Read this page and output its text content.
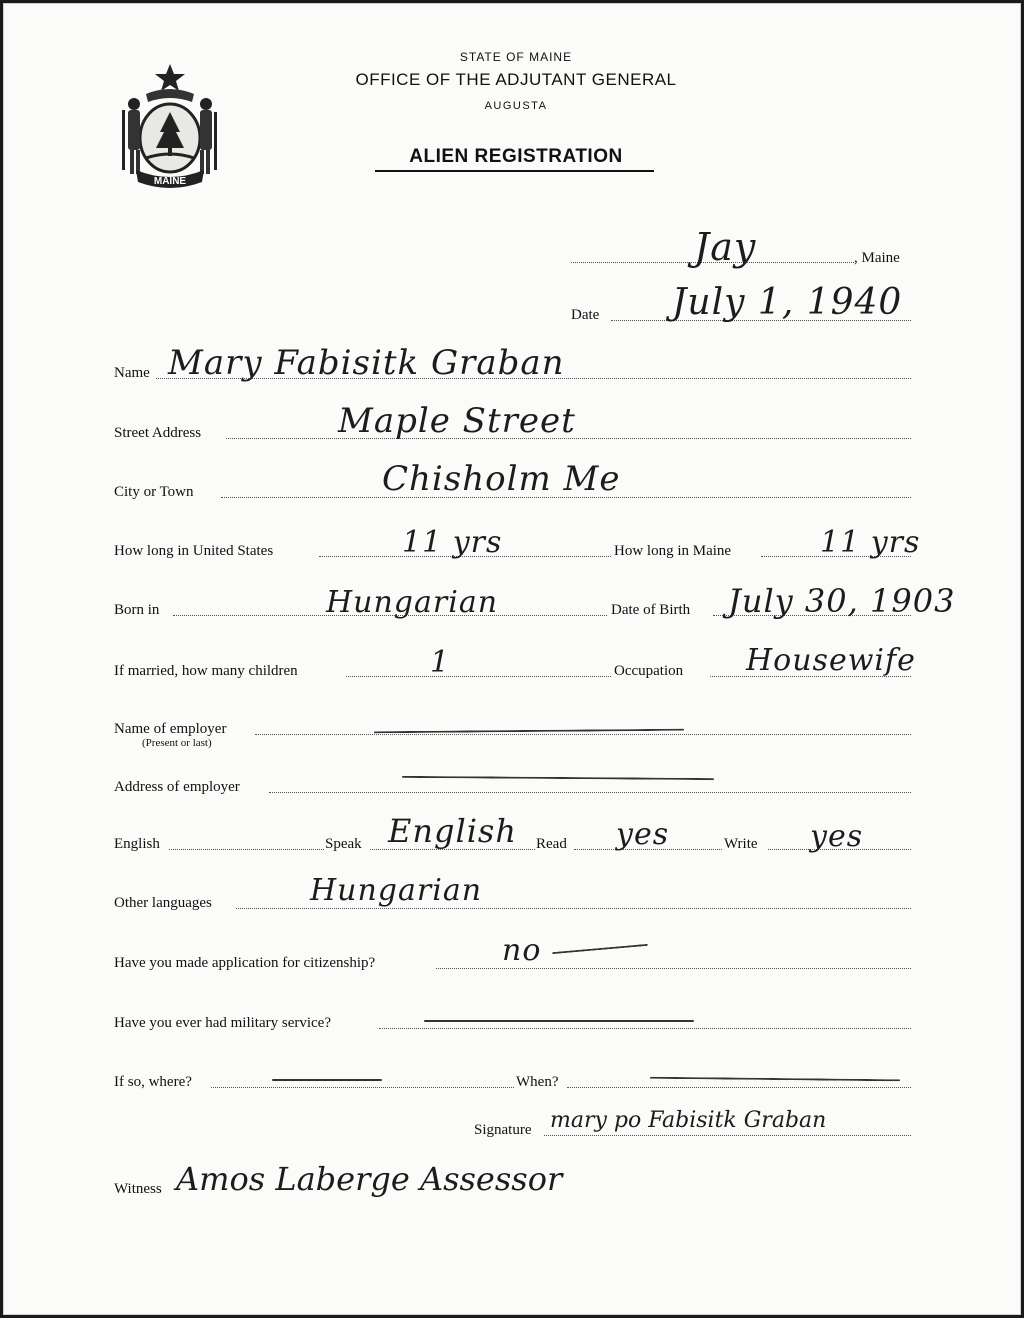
MAINE
STATE OF MAINE
OFFICE OF THE ADJUTANT GENERAL
AUGUSTA
ALIEN REGISTRATION
, Maine
Jay
Date July 1, 1940
Name Mary Fabisitk Graban
Street Address	Maple Street
City or Town	Chisholm Me
How long in United States	11 yrs	How long in Maine	11 yrs
Born in	Hungarian	Date of Birth July 30, 1903
If married, how many children	1	Occupation Housewife
Name of employer
(Present or last)
Address of employer
English	Speak English Read yes	Write yes
Other languages	Hungarian
Have you made application for citizenship?	no
Have you ever had military service?
If so, where?	When?
Signature mary po Fabisitk Graban
Witness Amos Laberge Assessor
